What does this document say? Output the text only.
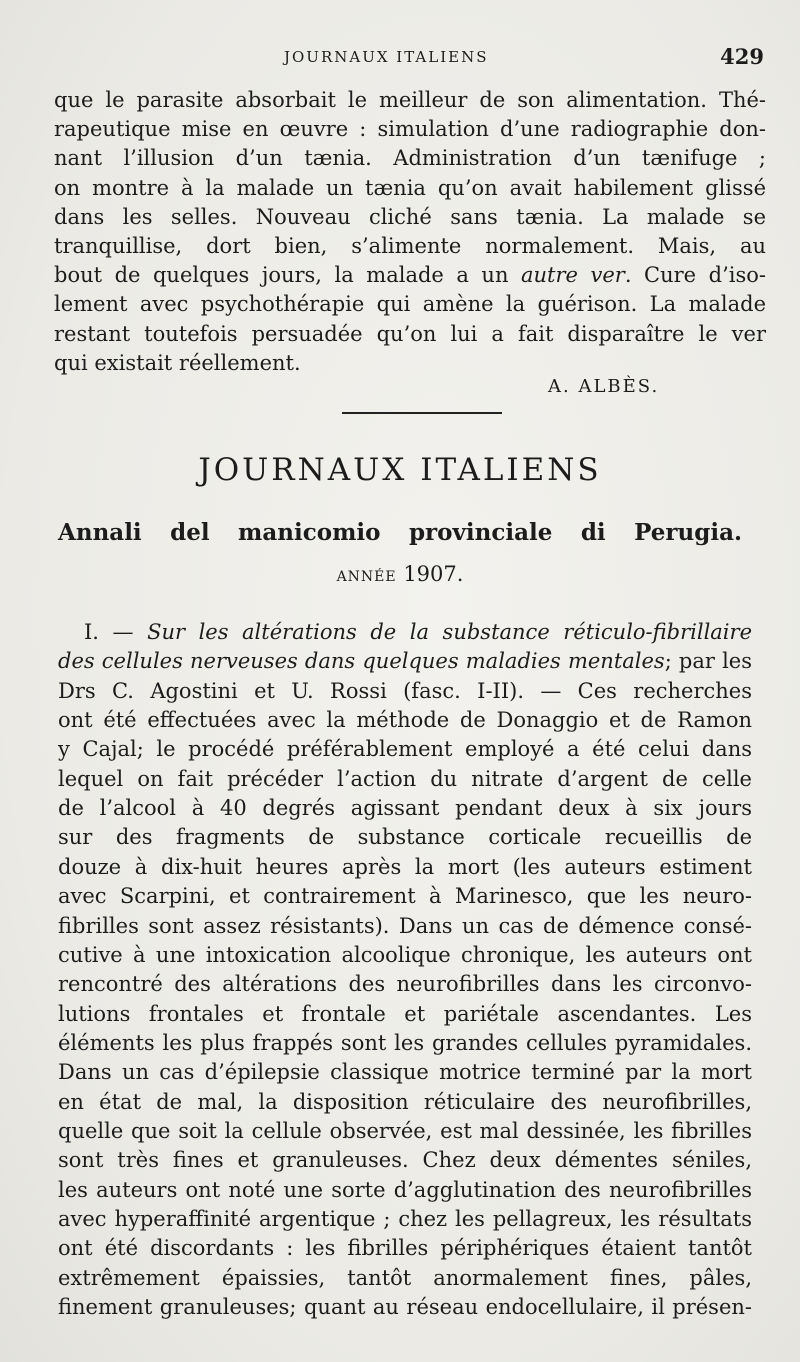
JOURNAUX ITALIENS	429
que le parasite absorbait le meilleur de son alimentation. Thé-
rapeutique mise en œuvre : simulation d’une radiographie don-
nant l’illusion d’un tænia. Administration d’un tænifuge ;
on montre à la malade un tænia qu’on avait habilement glissé
dans les selles. Nouveau cliché sans tænia. La malade se
tranquillise, dort bien, s’alimente normalement. Mais, au
bout de quelques jours, la malade a un autre ver. Cure d’iso-
lement avec psychothérapie qui amène la guérison. La malade
restant toutefois persuadée qu’on lui a fait disparaître le ver
qui existait réellement.
A. ALBÈS.
JOURNAUX ITALIENS
Annali del manicomio provinciale di Perugia.
ANNÉE 1907.
I. — Sur les altérations de la substance réticulo-fibrillaire
des cellules nerveuses dans quelques maladies mentales; par les
Drs C. Agostini et U. Rossi (fasc. I-II). — Ces recherches
ont été effectuées avec la méthode de Donaggio et de Ramon
y Cajal; le procédé préférablement employé a été celui dans
lequel on fait précéder l’action du nitrate d’argent de celle
de l’alcool à 40 degrés agissant pendant deux à six jours
sur des fragments de substance corticale recueillis de
douze à dix-huit heures après la mort (les auteurs estiment
avec Scarpini, et contrairement à Marinesco, que les neuro-
fibrilles sont assez résistants). Dans un cas de démence consé-
cutive à une intoxication alcoolique chronique, les auteurs ont
rencontré des altérations des neurofibrilles dans les circonvo-
lutions frontales et frontale et pariétale ascendantes. Les
éléments les plus frappés sont les grandes cellules pyramidales.
Dans un cas d’épilepsie classique motrice terminé par la mort
en état de mal, la disposition réticulaire des neurofibrilles,
quelle que soit la cellule observée, est mal dessinée, les fibrilles
sont très fines et granuleuses. Chez deux démentes séniles,
les auteurs ont noté une sorte d’agglutination des neurofibrilles
avec hyperaffinité argentique ; chez les pellagreux, les résultats
ont été discordants : les fibrilles périphériques étaient tantôt
extrêmement épaissies, tantôt anormalement fines, pâles,
finement granuleuses; quant au réseau endocellulaire, il présen-
